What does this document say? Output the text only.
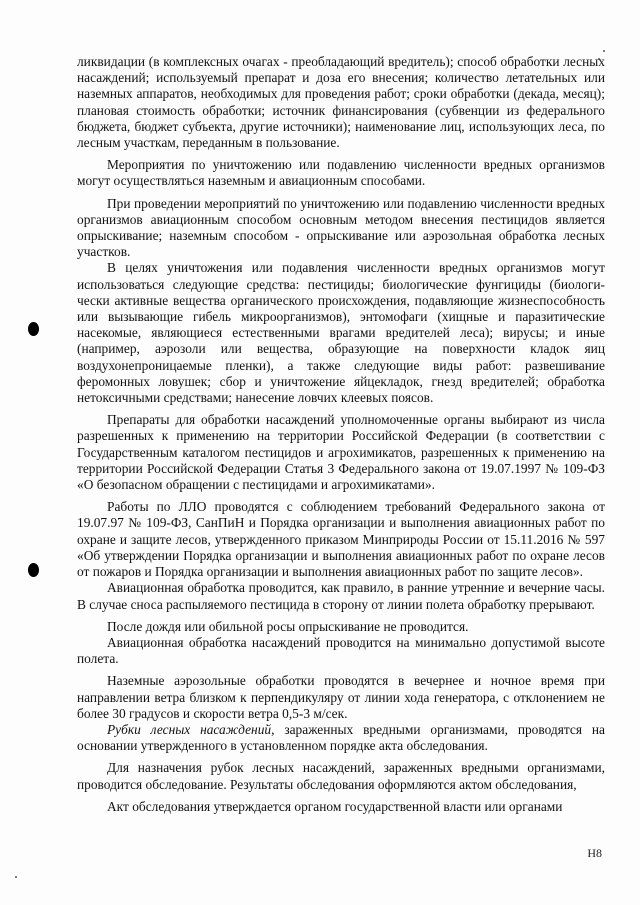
ликвидации (в комплексных очагах - преобладающий вредитель); способ обработки лесных насаждений; используемый препарат и доза его внесения; количество летательных или наземных аппаратов, необходимых для проведения работ; сроки обработки (декада, месяц); плановая стоимость обработки; источник финансирования (субвенции из федерального бюджета, бюджет субъекта, другие источники); наименование лиц, использующих леса, по лесным участкам, переданным в пользование.

Мероприятия по уничтожению или подавлению численности вредных организмов могут осуществляться наземным и авиационным способами.

При проведении мероприятий по уничтожению или подавлению численности вредных организмов авиационным способом основным методом внесения пестицидов является опрыскивание; наземным способом - опрыскивание или аэрозольная обработка лесных участков.

В целях уничтожения или подавления численности вредных организмов могут использоваться следующие средства: пестициды; биологические фунгициды (биологи-чески активные вещества органического происхождения, подавляющие жизнеспособность или вызывающие гибель микроорганизмов), энтомофаги (хищные и паразитические насекомые, являющиеся естественными врагами вредителей леса); вирусы; и иные (например, аэрозоли или вещества, образующие на поверхности кладок яиц воздухонепроницаемые пленки), а также следующие виды работ: развешивание феромонных ловушек; сбор и уничтожение яйцекладок, гнезд вредителей; обработка нетоксичными средствами; нанесение ловчих клеевых поясов.

Препараты для обработки насаждений уполномоченные органы выбирают из числа разрешенных к применению на территории Российской Федерации (в соответствии с Государственным каталогом пестицидов и агрохимикатов, разрешенных к применению на территории Российской Федерации Статья 3 Федерального закона от 19.07.1997 № 109-ФЗ «О безопасном обращении с пестицидами и агрохимикатами».

Работы по ЛЛО проводятся с соблюдением требований Федерального закона от 19.07.97 № 109-ФЗ, СанПиН и Порядка организации и выполнения авиационных работ по охране и защите лесов, утвержденного приказом Минприроды России от 15.11.2016 № 597 «Об утверждении Порядка организации и выполнения авиационных работ по охране лесов от пожаров и Порядка организации и выполнения авиационных работ по защите лесов».

Авиационная обработка проводится, как правило, в ранние утренние и вечерние часы. В случае сноса распыляемого пестицида в сторону от линии полета обработку прерывают.

После дождя или обильной росы опрыскивание не проводится.

Авиационная обработка насаждений проводится на минимально допустимой высоте полета.

Наземные аэрозольные обработки проводятся в вечернее и ночное время при направлении ветра близком к перпендикуляру от линии хода генератора, с отклонением не более 30 градусов и скорости ветра 0,5-3 м/сек.

Рубки лесных насаждений, зараженных вредными организмами, проводятся на основании утвержденного в установленном порядке акта обследования.

Для назначения рубок лесных насаждений, зараженных вредными организмами, проводится обследование. Результаты обследования оформляются актом обследования,

Акт обследования утверждается органом государственной власти или органами

Н8
